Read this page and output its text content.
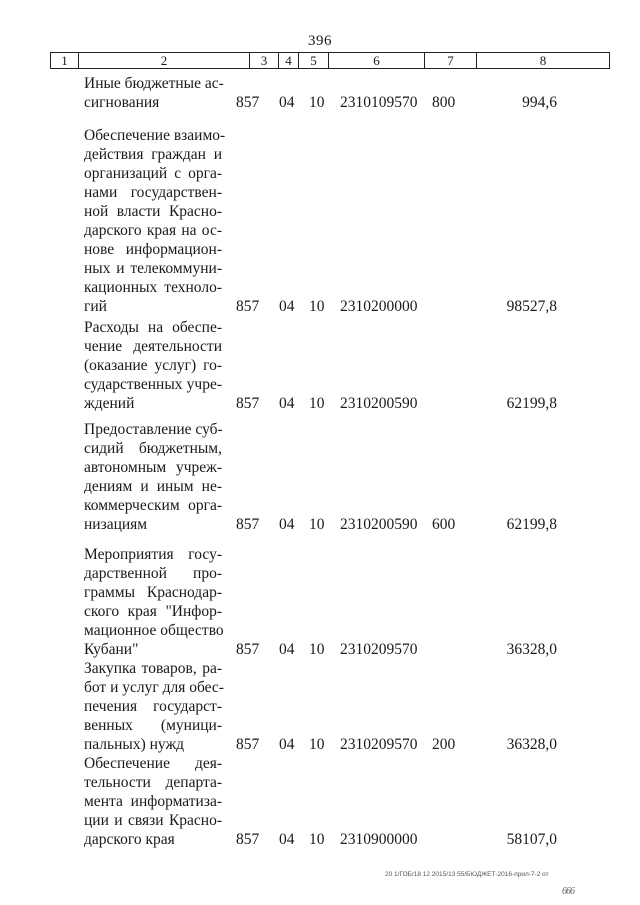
396
1	2	3	4	5	6	7	8
Иные бюджетные ас-
сигнования	857	04 10 2310109570 800	994,6
Обеспечение взаимо-
действия граждан и
организаций с орга-
нами государствен-
ной власти Красно-
дарского края на ос-
нове информацион-
ных и телекоммуни-
кационных техноло-
гий	857	04 10 2310200000	98527,8
Расходы на обеспе-
чение деятельности
(оказание услуг) го-
сударственных учре-
ждений	857	04 10 2310200590	62199,8
Предоставление суб-
сидий бюджетным,
автономным учреж-
дениям и иным не-
коммерческим орга-
низациям	857	04 10 2310200590 600	62199,8
Мероприятия госу-
дарственной про-
граммы Краснодар-
ского края "Инфор-
мационное общество
Кубани"	857	04 10 2310209570	36328,0
Закупка товаров, ра-
бот и услуг для обес-
печения государст-
венных (муници-
пальных) нужд	857	04 10 2310209570 200	36328,0
Обеспечение дея-
тельности департа-
мента информатиза-
ции и связи Красно-
дарского края	857	04 10 2310900000	58107,0
20 1/ГОБ/18 12 2015/13 55/БЮДЖЕТ-2016-прил-7-2 от
666
